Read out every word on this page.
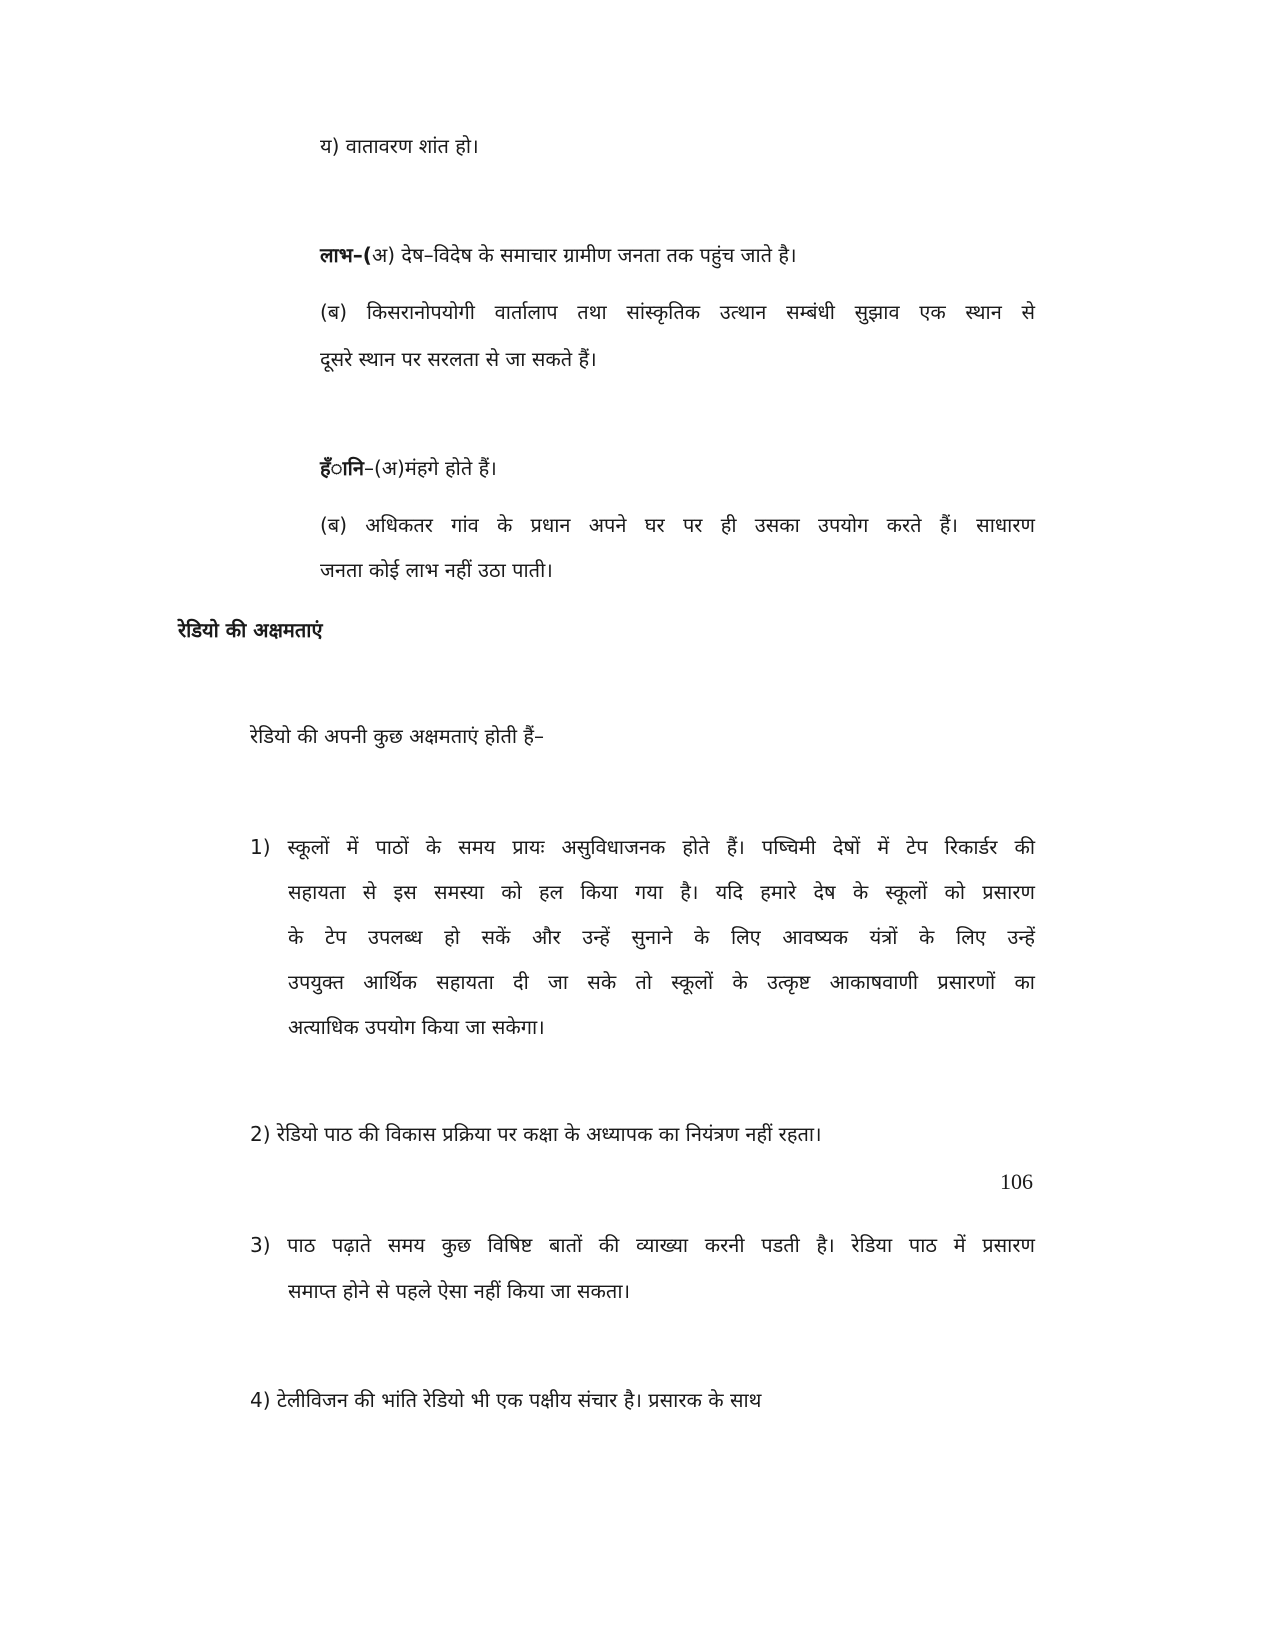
य) वातावरण शांत हो।
लाभ–(अ) देष–विदेष के समाचार ग्रामीण जनता तक पहुंच जाते है।
(ब) किसरानोपयोगी वार्तालाप तथा सांस्कृतिक उत्थान सम्बंधी सुझाव एक स्थान से
दूसरे स्थान पर सरलता से जा सकते हैं।
हँानि–(अ)मंहगे होते हैं।
(ब) अधिकतर गांव के प्रधान अपने घर पर ही उसका उपयोग करते हैं। साधारण
जनता कोई लाभ नहीं उठा पाती।
रेडियो की अक्षमताएं
रेडियो की अपनी कुछ अक्षमताएं होती हैं–
1) स्कूलों में पाठों के समय प्रायः असुविधाजनक होते हैं। पष्चिमी देषों में टेप रिकार्डर की
सहायता से इस समस्या को हल किया गया है। यदि हमारे देष के स्कूलों को प्रसारण
के टेप उपलब्ध हो सकें और उन्हें सुनाने के लिए आवष्यक यंत्रों के लिए उन्हें
उपयुक्त आर्थिक सहायता दी जा सके तो स्कूलों के उत्कृष्ट आकाषवाणी प्रसारणों का
अत्याधिक उपयोग किया जा सकेगा।
2) रेडियो पाठ की विकास प्रक्रिया पर कक्षा के अध्यापक का नियंत्रण नहीं रहता।
3) पाठ पढ़ाते समय कुछ विषिष्ट बातों की व्याख्या करनी पडती है। रेडिया पाठ में प्रसारण
समाप्त होने से पहले ऐसा नहीं किया जा सकता।
4) टेलीविजन की भांति रेडियो भी एक पक्षीय संचार है। प्रसारक के साथ
106
